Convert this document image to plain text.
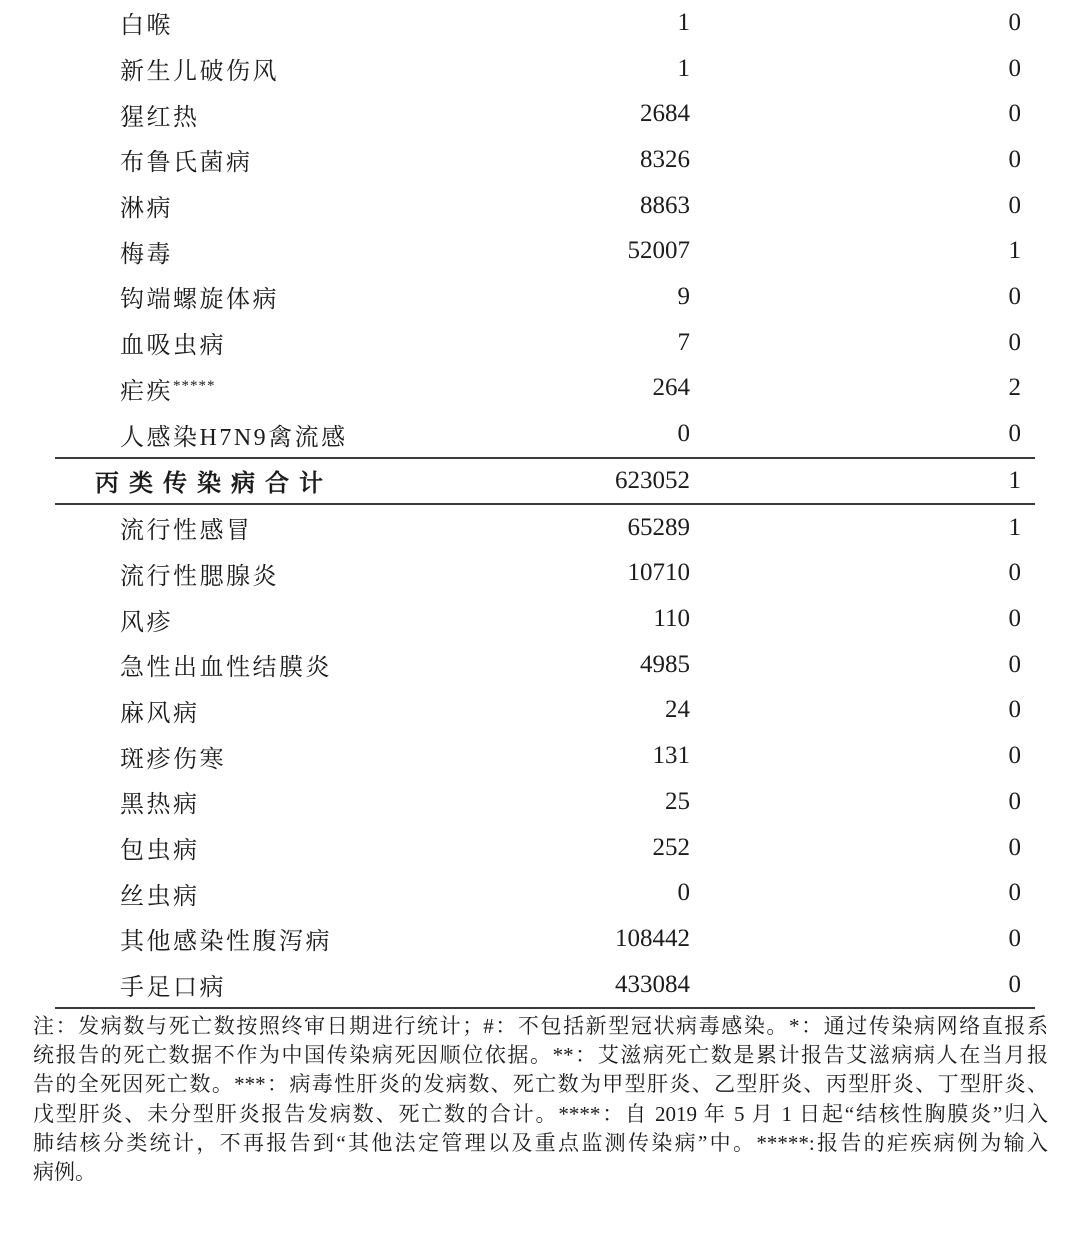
白喉	1	0
新生儿破伤风	1	0
猩红热	2684	0
布鲁氏菌病	8326	0
淋病	8863	0
梅毒	52007	1
钩端螺旋体病	9	0
血吸虫病	7	0
疟疾*****	264	2
人感染H7N9禽流感	0	0
丙类传染病合计	623052	1
流行性感冒	65289	1
流行性腮腺炎	10710	0
风疹	110	0
急性出血性结膜炎	4985	0
麻风病	24	0
斑疹伤寒	131	0
黑热病	25	0
包虫病	252	0
丝虫病	0	0
其他感染性腹泻病	108442	0
手足口病	433084	0
注：发病数与死亡数按照终审日期进行统计；#：不包括新型冠状病毒感染。*：通过传染病网络直报系
统报告的死亡数据不作为中国传染病死因顺位依据。**：艾滋病死亡数是累计报告艾滋病病人在当月报
告的全死因死亡数。***：病毒性肝炎的发病数、死亡数为甲型肝炎、乙型肝炎、丙型肝炎、丁型肝炎、
戊型肝炎、未分型肝炎报告发病数、死亡数的合计。****：自 2019 年 5 月 1 日起“结核性胸膜炎”归入
肺结核分类统计，不再报告到“其他法定管理以及重点监测传染病”中。*****:报告的疟疾病例为输入
病例。
